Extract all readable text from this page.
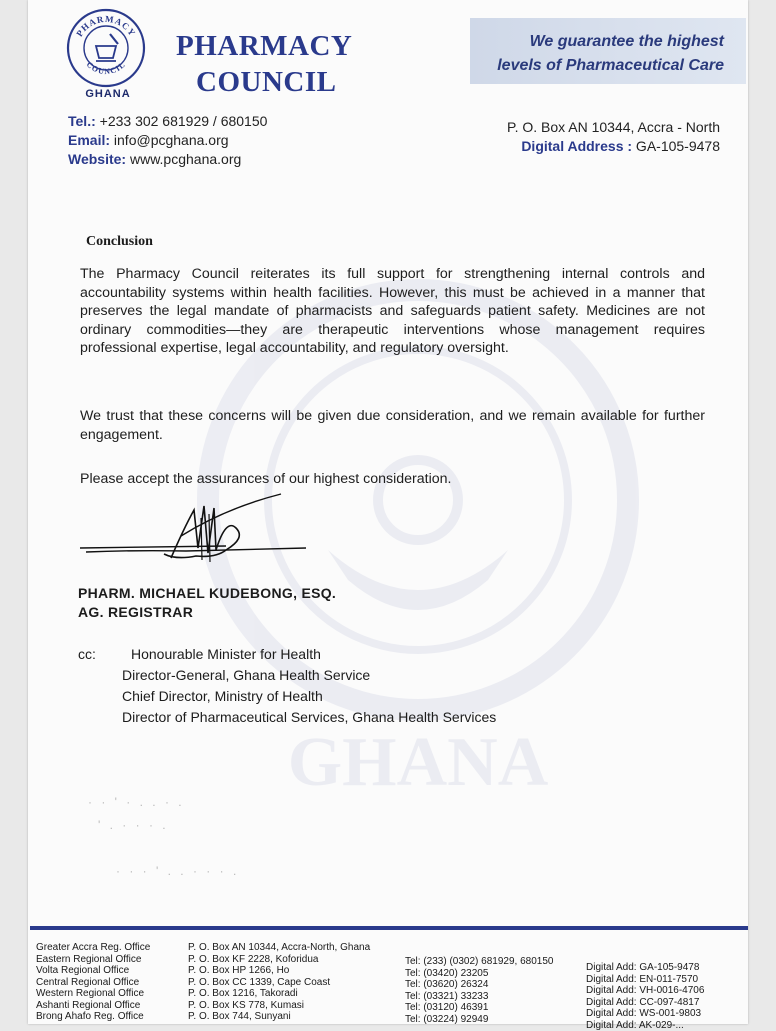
GHANA
PHARMACY
COUNCIL
GHANA
PHARMACY
COUNCIL
We guarantee the highest
levels of Pharmaceutical Care
Tel.: +233 302 681929 / 680150
Email: info@pcghana.org
Website: www.pcghana.org
P. O. Box AN 10344, Accra - North
Digital Address : GA-105-9478
Conclusion
The Pharmacy Council reiterates its full support for strengthening internal controls and accountability systems within health facilities. However, this must be achieved in a manner that preserves the legal mandate of pharmacists and safeguards patient safety. Medicines are not ordinary commodities—they are therapeutic interventions whose management requires professional expertise, legal accountability, and regulatory oversight.
We trust that these concerns will be given due consideration, and we remain available for further engagement.
Please accept the assurances of our highest consideration.
PHARM. MICHAEL KUDEBONG, ESQ.
AG. REGISTRAR
cc:	Honourable Minister for Health
Director-General, Ghana Health Service
Chief Director, Ministry of Health
Director of Pharmaceutical Services, Ghana Health Services
· · ' · . . · .
' . · · · .
· · · ' . . · · · .
Greater Accra Reg. Office
Eastern Regional Office
Volta Regional Office
Central Regional Office
Western Regional Office
Ashanti Regional Office
Brong Ahafo Reg. Office
P. O. Box AN 10344, Accra-North, Ghana
P. O. Box KF 2228, Koforidua
P. O. Box HP 1266, Ho
P. O. Box CC 1339, Cape Coast
P. O. Box 1216, Takoradi
P. O. Box KS 778, Kumasi
P. O. Box 744, Sunyani
Tel: (233) (0302) 681929, 680150
Tel: (03420) 23205
Tel: (03620) 26324
Tel: (03321) 33233
Tel: (03120) 46391
Tel: (03224) 92949
Digital Add: GA-105-9478
Digital Add: EN-011-7570
Digital Add: VH-0016-4706
Digital Add: CC-097-4817
Digital Add: WS-001-9803
Digital Add: AK-029-...
